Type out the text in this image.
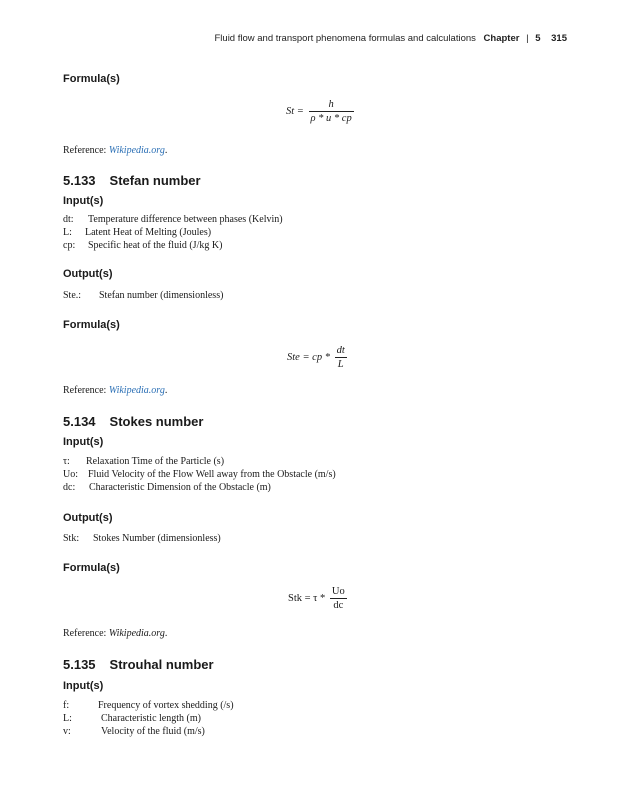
Fluid flow and transport phenomena formulas and calculations Chapter | 5 315
Formula(s)
$St = \frac{h}{\rho * u * cp}$
Reference: Wikipedia.org.
5.133 Stefan number
Input(s)
dt: Temperature difference between phases (Kelvin)
L: Latent Heat of Melting (Joules)
cp: Specific heat of the fluid (J/kg K)
Output(s)
Ste.: Stefan number (dimensionless)
Formula(s)
Ste = cp * $\frac{dt}{L}$
Reference: Wikipedia.org.
5.134 Stokes number
Input(s)
τ: Relaxation Time of the Particle (s)
Uo: Fluid Velocity of the Flow Well away from the Obstacle (m/s)
dc: Characteristic Dimension of the Obstacle (m)
Output(s)
Stk: Stokes Number (dimensionless)
Formula(s)
Stk = τ * $\frac{Uo}{dc}$
Reference: Wikipedia.org.
5.135 Strouhal number
Input(s)
f:	Frequency of vortex shedding (/s)
L:	Characteristic length (m)
v:	Velocity of the fluid (m/s)
